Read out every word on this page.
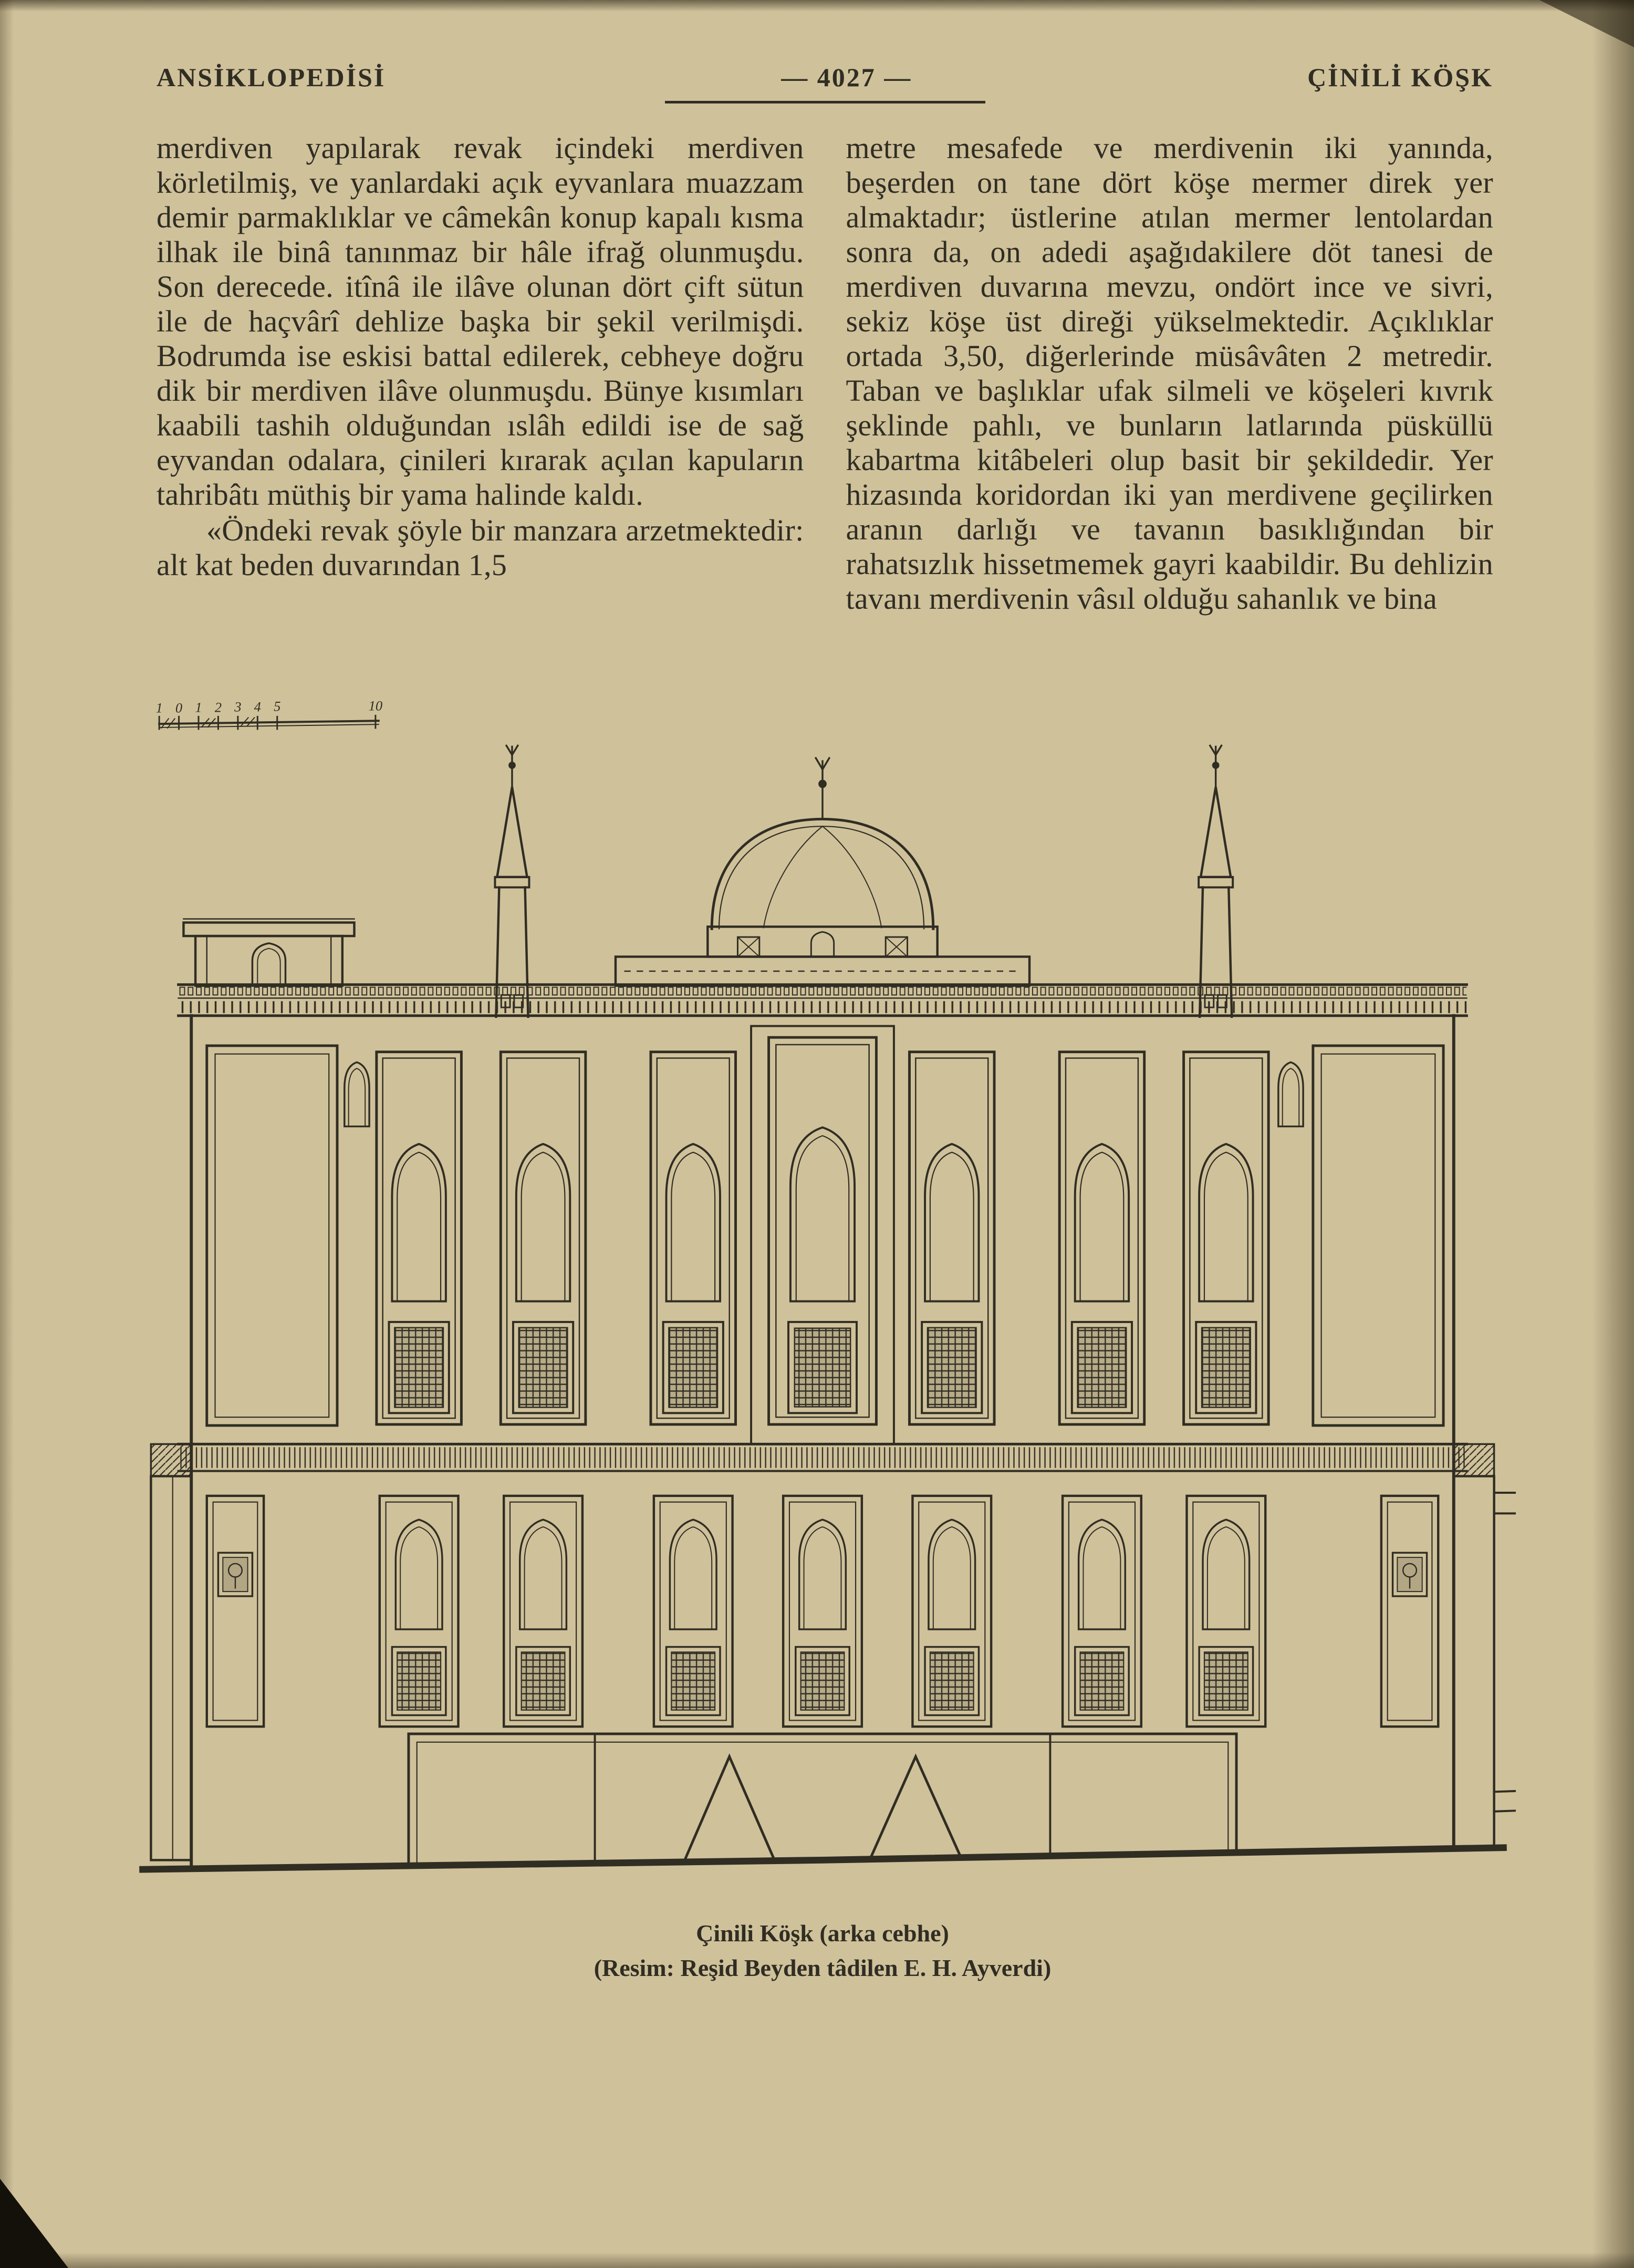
ANSİKLOPEDİSİ	— 4027 —	ÇİNİLİ KÖŞK

merdiven yapılarak revak içindeki merdiven körletilmiş, ve yanlardaki açık eyvanlara muazzam demir parmaklıklar ve câmekân konup kapalı kısma ilhak ile binâ tanınmaz bir hâle ifrağ olunmuşdu. Son derecede. itînâ ile ilâve olunan dört çift sütun ile de haçvârî dehlize başka bir şekil verilmişdi. Bodrumda ise eskisi battal edilerek, cebheye doğru dik bir merdiven ilâve olunmuşdu. Bünye kısımları kaabili tashih olduğundan ıslâh edildi ise de sağ eyvandan odalara, çinileri kırarak açılan kapuların tahribâtı müthiş bir yama halinde kaldı.

«Öndeki revak şöyle bir manzara arzetmektedir: alt kat beden duvarından 1,5

metre mesafede ve merdivenin iki yanında, beşerden on tane dört köşe mermer direk yer almaktadır; üstlerine atılan mermer lentolardan sonra da, on adedi aşağıdakilere döt tanesi de merdiven duvarına mevzu, ondört ince ve sivri, sekiz köşe üst direği yükselmektedir. Açıklıklar ortada 3,50, diğerlerinde müsâvâten 2 metredir. Taban ve başlıklar ufak silmeli ve köşeleri kıvrık şeklinde pahlı, ve bunların latlarında püsküllü kabartma kitâbeleri olup basit bir şekildedir. Yer hizasında koridordan iki yan merdivene geçilirken aranın darlığı ve tavanın basıklığından bir rahatsızlık hissetmemek gayri kaabildir. Bu dehlizin tavanı merdivenin vâsıl olduğu sahanlık ve bina

1 0 1 2 3 4 5	10
Çinili Köşk (arka cebhe)
(Resim: Reşid Beyden tâdilen E. H. Ayverdi)
